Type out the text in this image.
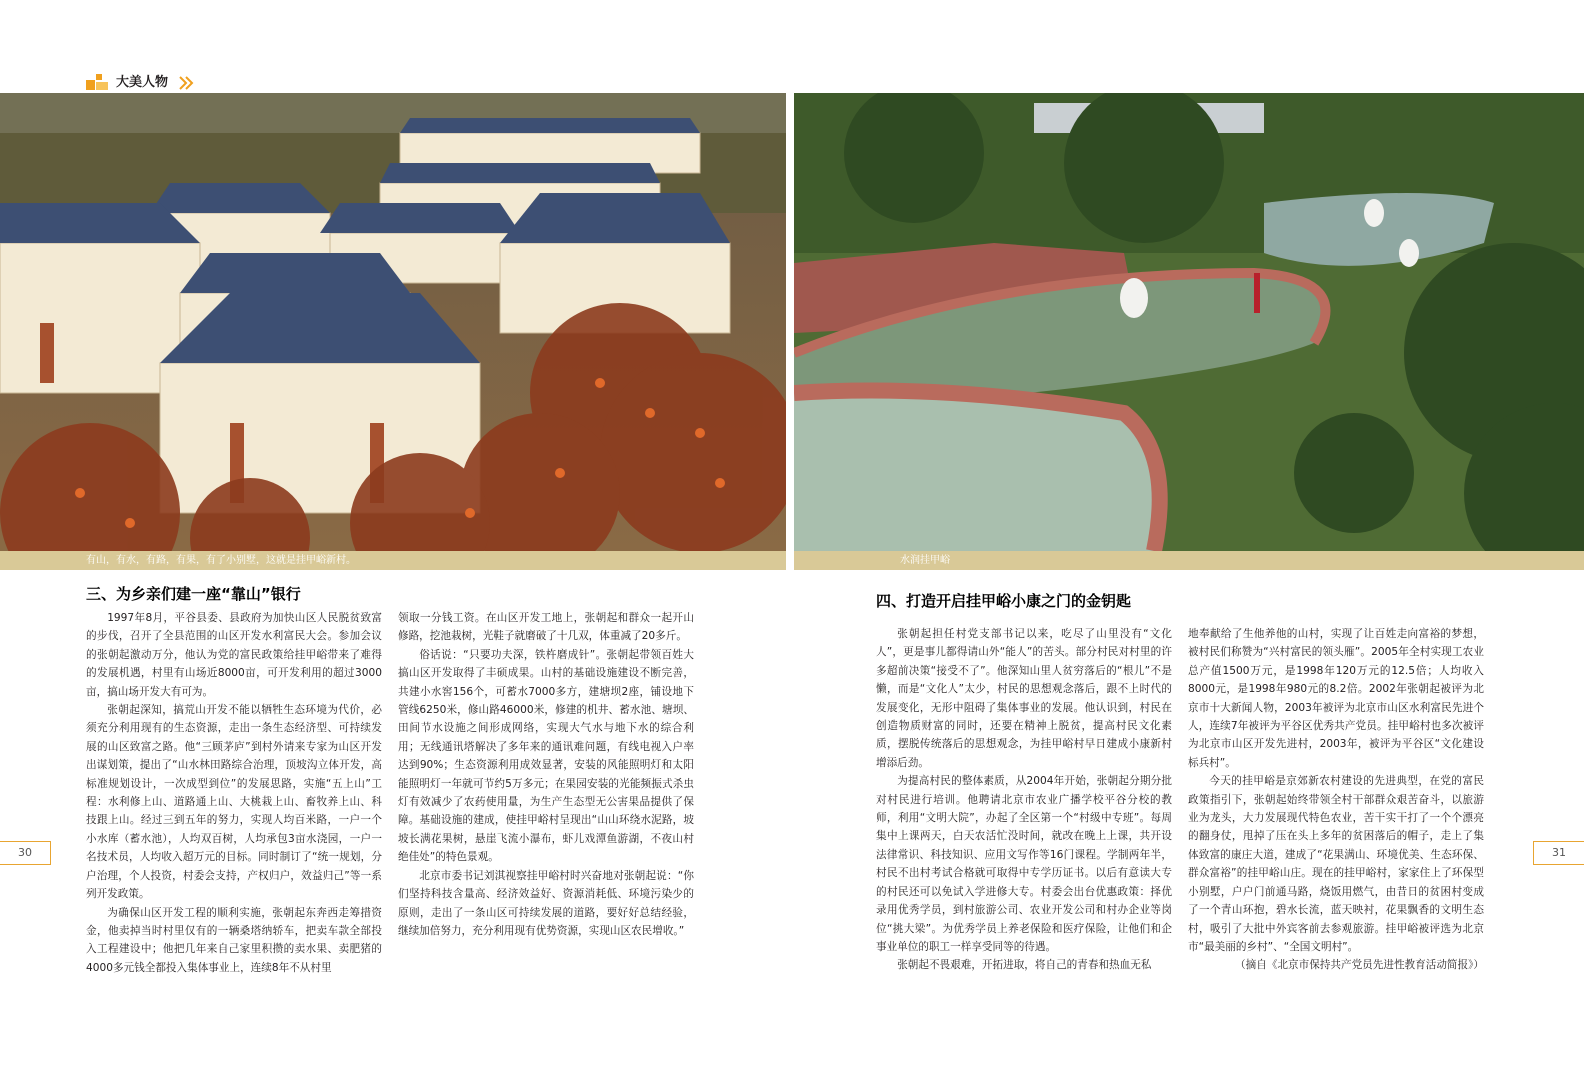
大美人物
有山，有水，有路，有果，有了小别墅，这就是挂甲峪新村。	水润挂甲峪
三、为乡亲们建一座“靠山”银行

1997年8月，平谷县委、县政府为加快山区人民脱贫致富的步伐，召开了全县范围的山区开发水利富民大会。参加会议的张朝起激动万分，他认为党的富民政策给挂甲峪带来了难得的发展机遇，村里有山场近8000亩，可开发利用的超过3000亩，搞山场开发大有可为。

张朝起深知，搞荒山开发不能以牺牲生态环境为代价，必须充分利用现有的生态资源，走出一条生态经济型、可持续发展的山区致富之路。他“三顾茅庐”到村外请来专家为山区开发出谋划策，提出了“山水林田路综合治理，顶坡沟立体开发，高标准规划设计，一次成型到位”的发展思路，实施“五上山”工程：水利修上山、道路通上山、大桃栽上山、畜牧养上山、科技跟上山。经过三到五年的努力，实现人均百米路，一户一个小水库（蓄水池），人均双百树，人均承包3亩水浇园，一户一名技术员，人均收入超万元的目标。同时制订了“统一规划，分户治理，个人投资，村委会支持，产权归户，效益归己”等一系列开发政策。

为确保山区开发工程的顺利实施，张朝起东奔西走筹措资金，他卖掉当时村里仅有的一辆桑塔纳轿车，把卖车款全部投入工程建设中；他把几年来自己家里积攒的卖水果、卖肥猪的4000多元钱全都投入集体事业上，连续8年不从村里

领取一分钱工资。在山区开发工地上，张朝起和群众一起开山修路，挖池栽树，光鞋子就磨破了十几双，体重减了20多斤。

俗话说：“只要功夫深，铁杵磨成针”。张朝起带领百姓大搞山区开发取得了丰硕成果。山村的基础设施建设不断完善，共建小水窖156个，可蓄水7000多方，建塘坝2座，铺设地下管线6250米，修山路46000米，修建的机井、蓄水池、塘坝、田间节水设施之间形成网络，实现大气水与地下水的综合利用；无线通讯塔解决了多年来的通讯难问题，有线电视入户率达到90%；生态资源利用成效显著，安装的风能照明灯和太阳能照明灯一年就可节约5万多元；在果园安装的光能频振式杀虫灯有效减少了农药使用量，为生产生态型无公害果品提供了保障。基础设施的建成，使挂甲峪村呈现出“山山环绕水泥路，坡坡长满花果树，悬崖飞流小瀑布，虾儿戏潭鱼游湖，不夜山村绝佳处”的特色景观。

北京市委书记刘淇视察挂甲峪村时兴奋地对张朝起说：“你们坚持科技含量高、经济效益好、资源消耗低、环境污染少的原则，走出了一条山区可持续发展的道路，要好好总结经验，继续加倍努力，充分利用现有优势资源，实现山区农民增收。”

四、打造开启挂甲峪小康之门的金钥匙

张朝起担任村党支部书记以来，吃尽了山里没有“文化人”，更是事儿都得请山外“能人”的苦头。部分村民对村里的许多超前决策“接受不了”。他深知山里人贫穷落后的“根儿”不是懒，而是“文化人”太少，村民的思想观念落后，跟不上时代的发展变化，无形中阻碍了集体事业的发展。他认识到，村民在创造物质财富的同时，还要在精神上脱贫，提高村民文化素质，摆脱传统落后的思想观念，为挂甲峪村早日建成小康新村增添后劲。

为提高村民的整体素质，从2004年开始，张朝起分期分批对村民进行培训。他聘请北京市农业广播学校平谷分校的教师，利用“文明大院”，办起了全区第一个“村级中专班”。每周集中上课两天，白天农活忙没时间，就改在晚上上课，共开设法律常识、科技知识、应用文写作等16门课程。学制两年半，村民不出村考试合格就可取得中专学历证书。以后有意读大专的村民还可以免试入学进修大专。村委会出台优惠政策：择优录用优秀学员，到村旅游公司、农业开发公司和村办企业等岗位“挑大梁”。为优秀学员上养老保险和医疗保险，让他们和企事业单位的职工一样享受同等的待遇。

张朝起不畏艰难，开拓进取，将自己的青春和热血无私

地奉献给了生他养他的山村，实现了让百姓走向富裕的梦想，被村民们称赞为“兴村富民的领头雁”。2005年全村实现工农业总产值1500万元，是1998年120万元的12.5倍；人均收入8000元，是1998年980元的8.2倍。2002年张朝起被评为北京市十大新闻人物，2003年被评为北京市山区水利富民先进个人，连续7年被评为平谷区优秀共产党员。挂甲峪村也多次被评为北京市山区开发先进村，2003年，被评为平谷区“文化建设标兵村”。

今天的挂甲峪是京郊新农村建设的先进典型，在党的富民政策指引下，张朝起始终带领全村干部群众艰苦奋斗，以旅游业为龙头，大力发展现代特色农业，苦干实干打了一个个漂亮的翻身仗，甩掉了压在头上多年的贫困落后的帽子，走上了集体致富的康庄大道，建成了“花果满山、环境优美、生态环保、群众富裕”的挂甲峪山庄。现在的挂甲峪村，家家住上了环保型小别墅，户户门前通马路，烧饭用燃气，由昔日的贫困村变成了一个青山环抱，碧水长流，蓝天映衬，花果飘香的文明生态村，吸引了大批中外宾客前去参观旅游。挂甲峪被评选为北京市“最美丽的乡村”、“全国文明村”。

（摘自《北京市保持共产党员先进性教育活动简报》）

30	31
